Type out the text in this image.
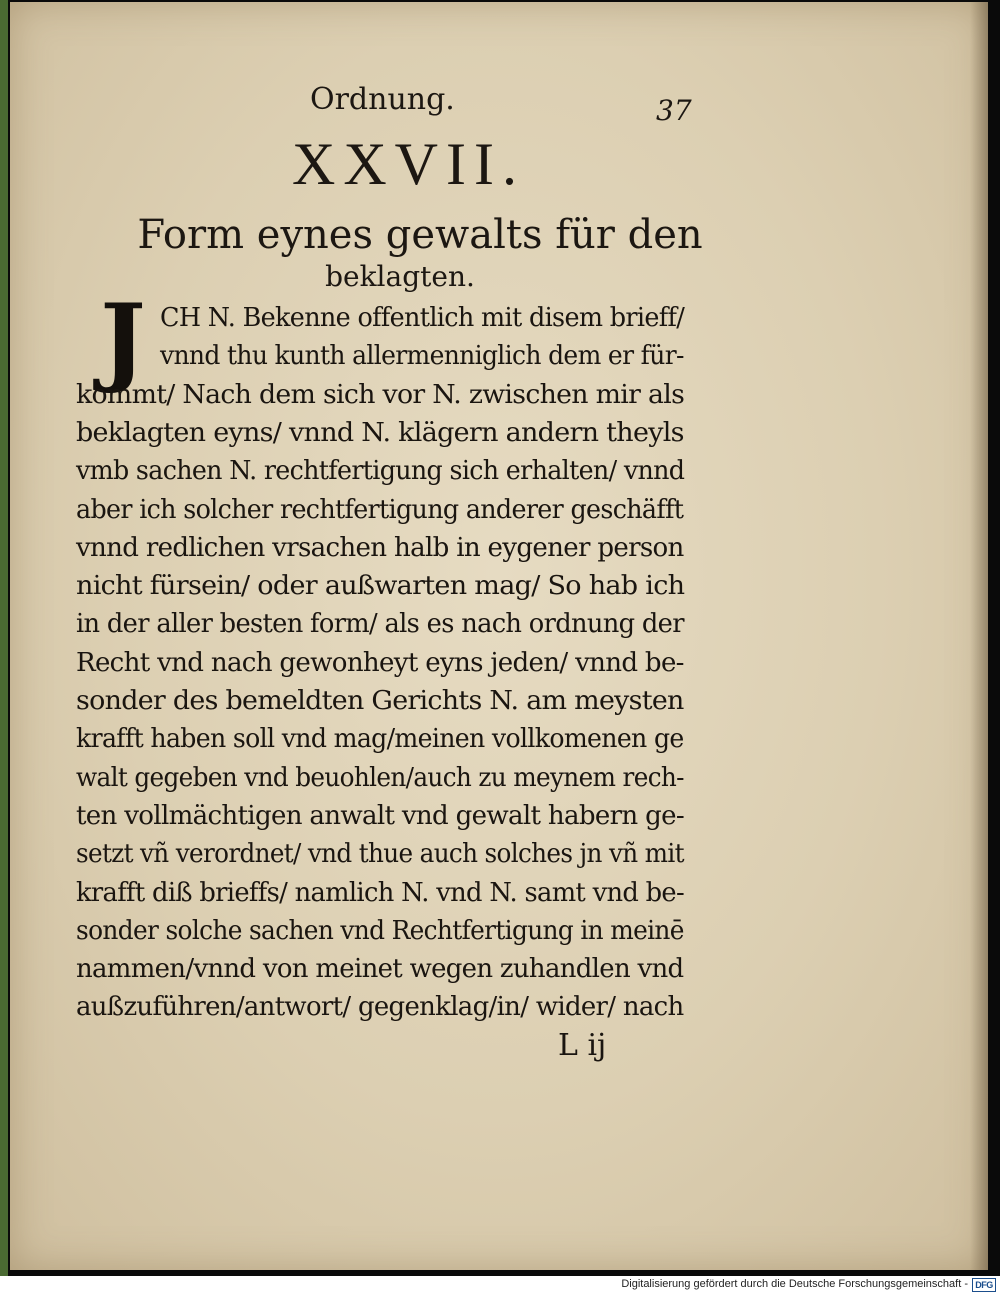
Ordnung.	37
XXVII.
Form eynes gewalts für den
beklagten.
J CH N. Bekenne offentlich mit disem brieff/
vnnd thu kunth allermenniglich dem er für-
kommt/ Nach dem sich vor N. zwischen mir als
beklagten eyns/ vnnd N. klägern andern theyls
vmb sachen N. rechtfertigung sich erhalten/ vnnd
aber ich solcher rechtfertigung anderer geschäfft
vnnd redlichen vrsachen halb in eygener person
nicht fürsein/ oder außwarten mag/ So hab ich
in der aller besten form/ als es nach ordnung der
Recht vnd nach gewonheyt eyns jeden/ vnnd be-
sonder des bemeldten Gerichts N. am meysten
krafft haben soll vnd mag/meinen vollkomenen ge
walt gegeben vnd beuohlen/auch zu meynem rech-
ten vollmächtigen anwalt vnd gewalt habern ge-
setzt vñ verordnet/ vnd thue auch solches jn vñ mit
krafft diß brieffs/ namlich N. vnd N. samt vnd be-
sonder solche sachen vnd Rechtfertigung in meinē
nammen/vnnd von meinet wegen zuhandlen vnd
außzuführen/antwort/ gegenklag/in/ wider/ nach
L ij
Digitalisierung gefördert durch die Deutsche Forschungsgemeinschaft - DFG
